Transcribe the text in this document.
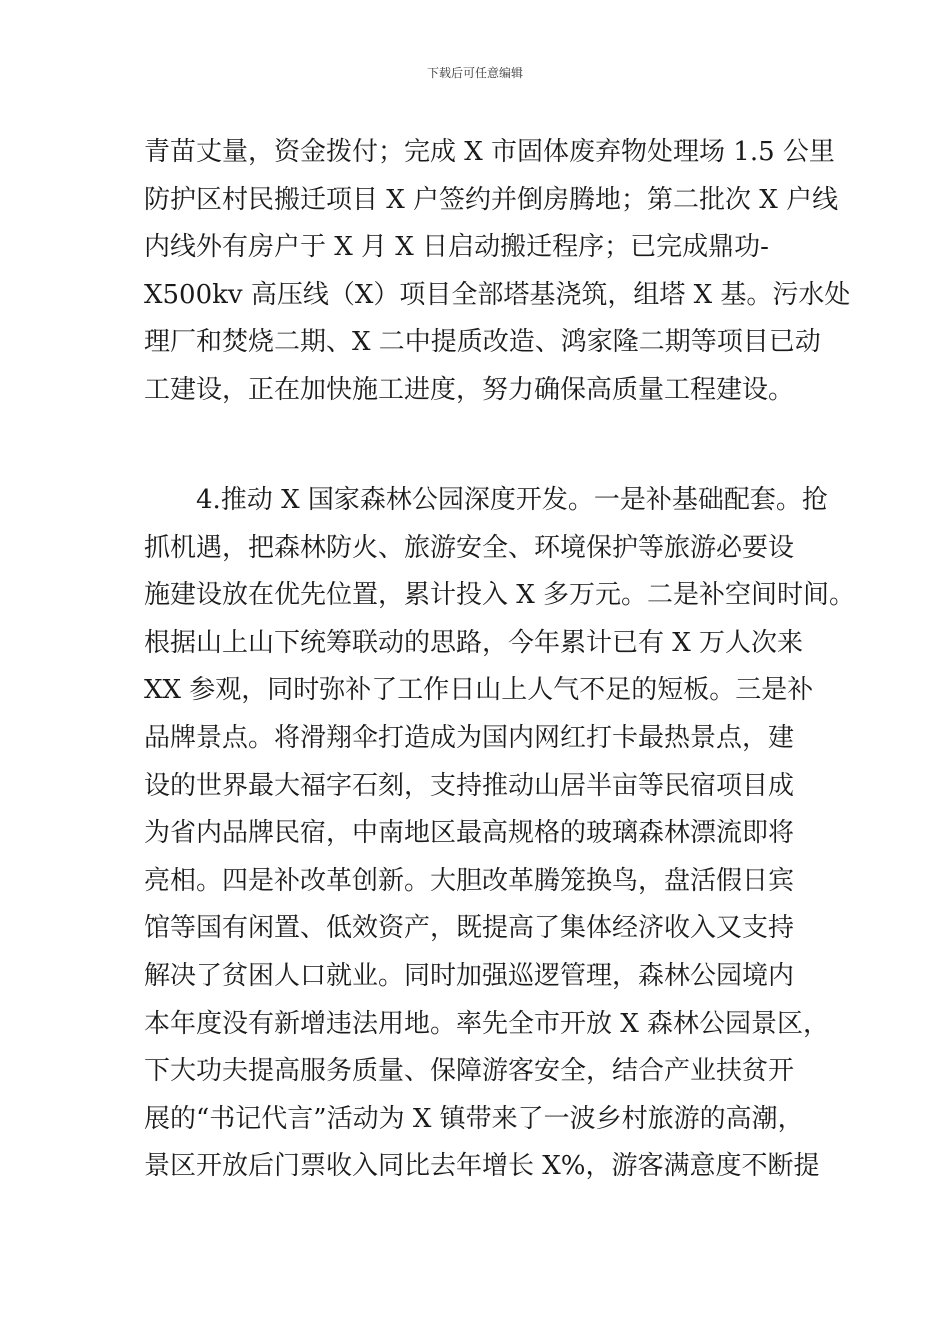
下载后可任意编辑
青苗丈量，资金拨付；完成 X 市固体废弃物处理场 1.5 公里
防护区村民搬迁项目 X 户签约并倒房腾地；第二批次 X 户线
内线外有房户于 X 月 X 日启动搬迁程序；已完成鼎功-
X500kv 高压线（X）项目全部塔基浇筑，组塔 X 基。污水处
理厂和焚烧二期、X 二中提质改造、鸿家隆二期等项目已动
工建设，正在加快施工进度，努力确保高质量工程建设。
　　4.推动 X 国家森林公园深度开发。一是补基础配套。抢
抓机遇，把森林防火、旅游安全、环境保护等旅游必要设
施建设放在优先位置，累计投入 X 多万元。二是补空间时间。
根据山上山下统筹联动的思路，今年累计已有 X 万人次来
XX 参观，同时弥补了工作日山上人气不足的短板。三是补
品牌景点。将滑翔伞打造成为国内网红打卡最热景点，建
设的世界最大福字石刻，支持推动山居半亩等民宿项目成
为省内品牌民宿，中南地区最高规格的玻璃森林漂流即将
亮相。四是补改革创新。大胆改革腾笼换鸟，盘活假日宾
馆等国有闲置、低效资产，既提高了集体经济收入又支持
解决了贫困人口就业。同时加强巡逻管理，森林公园境内
本年度没有新增违法用地。率先全市开放 X 森林公园景区，
下大功夫提高服务质量、保障游客安全，结合产业扶贫开
展的“书记代言”活动为 X 镇带来了一波乡村旅游的高潮，
景区开放后门票收入同比去年增长 X%，游客满意度不断提
